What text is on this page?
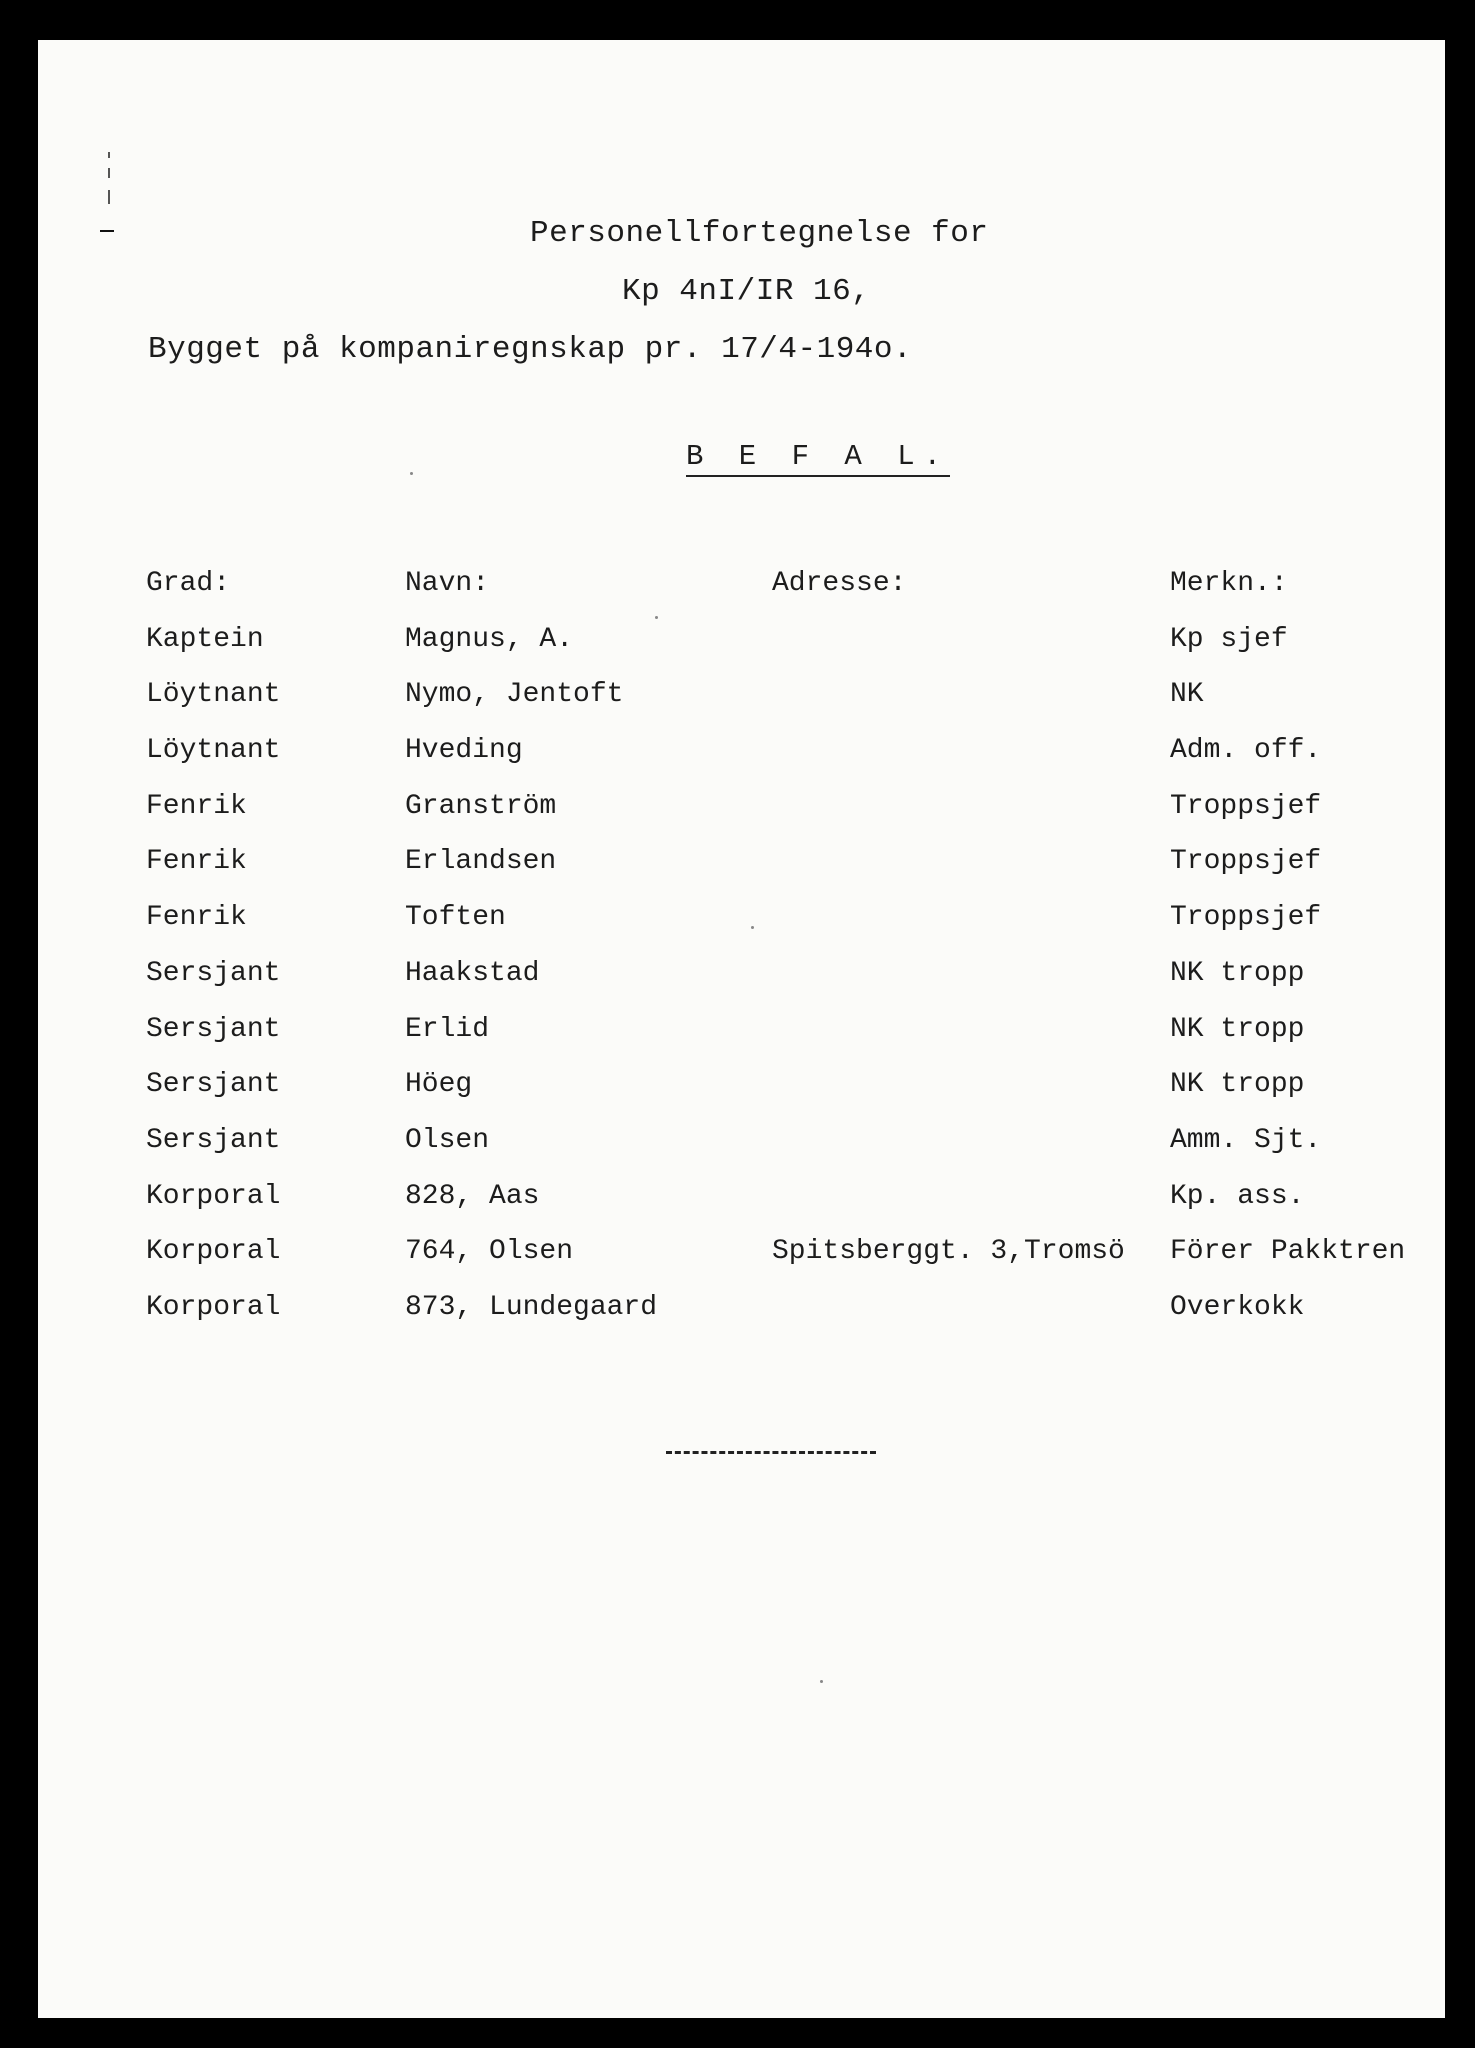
Personellfortegnelse for
Kp 4nI/IR 16,

Bygget på kompaniregnskap pr. 17/4-194o.

B E F A L.
Grad:	Navn:	Adresse:	Merkn.:
Kaptein	Magnus, A.		Kp sjef
Löytnant	Nymo, Jentoft		NK
Löytnant	Hveding		Adm. off.
Fenrik	Granström		Troppsjef
Fenrik	Erlandsen		Troppsjef
Fenrik	Toften		Troppsjef
Sersjant	Haakstad		NK tropp
Sersjant	Erlid		NK tropp
Sersjant	Höeg		NK tropp
Sersjant	Olsen		Amm. Sjt.
Korporal	828, Aas		Kp. ass.
Korporal	764, Olsen	Spitsberggt. 3,Tromsö	Förer Pakktren
Korporal	873, Lundegaard		Overkokk
